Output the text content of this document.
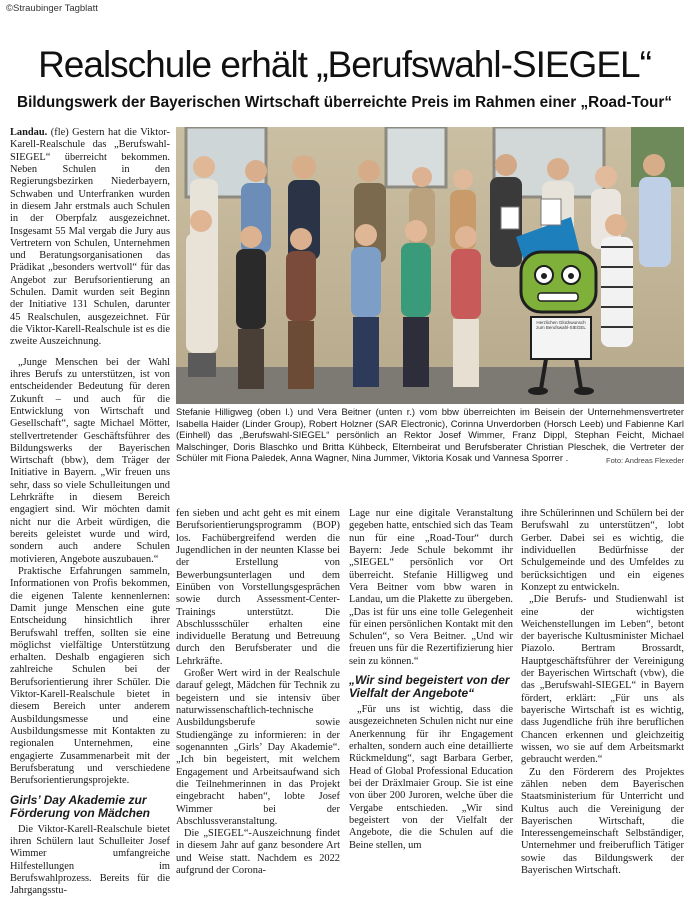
©Straubinger Tagblatt
Realschule erhält „Berufswahl-SIEGEL“
Bildungswerk der Bayerischen Wirtschaft überreichte Preis im Rahmen einer „Road-Tour“

Landau. (fle) Gestern hat die Viktor-Karell-Realschule das „Berufswahl-SIEGEL“ überreicht bekommen. Neben Schulen in den Regierungsbezirken Niederbayern, Schwaben und Unterfranken wurden in diesem Jahr erstmals auch Schulen in der Oberpfalz ausgezeichnet. Insgesamt 55 Mal vergab die Jury aus Vertretern von Schulen, Unternehmen und Beratungsorganisationen das Prädikat „besonders wertvoll“ für das Angebot zur Berufsorientierung an Schulen. Damit wurden seit Beginn der Initiative 131 Schulen, darunter 45 Realschulen, ausgezeichnet. Für die Viktor-Karell-Realschule ist es die zweite Auszeichnung.

„Junge Menschen bei der Wahl ihres Berufs zu unterstützen, ist von entscheidender Bedeutung für deren Zukunft – und auch für die Entwicklung von Wirtschaft und Gesellschaft“, sagte Michael Mötter, stellvertretender Geschäftsführer des Bildungswerks der Bayerischen Wirtschaft (bbw), dem Träger der Initiative in Bayern. „Wir freuen uns sehr, dass so viele Schulleitungen und Lehrkräfte in diesem Bereich engagiert sind. Wir möchten damit nicht nur die Arbeit würdigen, die bereits geleistet wurde und wird, sondern auch andere Schulen motivieren, Angebote auszubauen.“

Praktische Erfahrungen sammeln, Informationen von Profis bekommen, die eigenen Talente kennenlernen: Damit junge Menschen eine gute Entscheidung hinsichtlich ihrer Berufswahl treffen, sollten sie eine möglichst vielfältige Unterstützung erhalten. Deshalb engagieren sich zahlreiche Schulen bei der Berufsorientierung ihrer Schüler. Die Viktor-Karell-Realschule bietet in diesem Bereich unter anderem Ausbildungsmesse und eine Ausbildungsmesse mit Kontakten zu regionalen Unternehmen, eine engagierte Zusammenarbeit mit der Berufsberatung und verschiedene Berufsorientierungsprojekte.

Girls’ Day Akademie zur Förderung von Mädchen

Die Viktor-Karell-Realschule bietet ihren Schülern laut Schulleiter Josef Wimmer umfangreiche Hilfestellungen im Berufswahlprozess. Bereits für die Jahrgangsstu-

Herzlichen Glückwunsch zum Berufswahl-SIEGEL
Stefanie Hilligweg (oben l.) und Vera Beitner (unten r.) vom bbw überreichten im Beisein der Unternehmensvertreter Isabella Haider (Linder Group), Robert Holzner (SAR Electronic), Corinna Unverdorben (Horsch Leeb) und Fabienne Karl (Einhell) das „Berufswahl-SIEGEL“ persönlich an Rektor Josef Wimmer, Franz Dippl, Stephan Feicht, Michael Malschinger, Doris Blaschko und Britta Kühbeck, Elternbeirat und Berufsberater Christian Pleschek, die Vertreter der Schüler mit Fiona Paledek, Anna Wagner, Nina Jummer, Viktoria Kosak und Vannesa Sporrer .	Foto: Andreas Flexeder

fen sieben und acht geht es mit einem Berufsorientierungsprogramm (BOP) los. Fachübergreifend werden die Jugendlichen in der neunten Klasse bei der Erstellung von Bewerbungsunterlagen und dem Einüben von Vorstellungsgesprächen sowie durch Assessment-Center-Trainings unterstützt. Die Abschlussschüler erhalten eine individuelle Beratung und Betreuung durch den Berufsberater und die Lehrkräfte.

Großer Wert wird in der Realschule darauf gelegt, Mädchen für Technik zu begeistern und sie intensiv über naturwissenschaftlich-technische Ausbildungsberufe sowie Studiengänge zu informieren: in der sogenannten „Girls’ Day Akademie“. „Ich bin begeistert, mit welchem Engagement und Arbeitsaufwand sich die Teilnehmerinnen in das Projekt eingebracht haben“, lobte Josef Wimmer bei der Abschlussveranstaltung.

Die „SIEGEL“-Auszeichnung findet in diesem Jahr auf ganz besondere Art und Weise statt. Nachdem es 2022 aufgrund der Corona-

Lage nur eine digitale Veranstaltung gegeben hatte, entschied sich das Team nun für eine „Road-Tour“ durch Bayern: Jede Schule bekommt ihr „SIEGEL“ persönlich vor Ort überreicht. Stefanie Hilligweg und Vera Beitner vom bbw waren in Landau, um die Plakette zu übergeben. „Das ist für uns eine tolle Gelegenheit für einen persönlichen Kontakt mit den Schulen“, so Vera Beitner. „Und wir freuen uns für die Rezertifizierung hier sein zu können.“

„Wir sind begeistert von der Vielfalt der Angebote“

„Für uns ist wichtig, dass die ausgezeichneten Schulen nicht nur eine Anerkennung für ihr Engagement erhalten, sondern auch eine detaillierte Rückmeldung“, sagt Barbara Gerber, Head of Global Professional Education bei der Dräxlmaier Group. Sie ist eine von über 200 Juroren, welche über die Vergabe entschieden. „Wir sind begeistert von der Vielfalt der Angebote, die die Schulen auf die Beine stellen, um

ihre Schülerinnen und Schülern bei der Berufswahl zu unterstützen“, lobt Gerber. Dabei sei es wichtig, die individuellen Bedürfnisse der Schulgemeinde und des Umfeldes zu berücksichtigen und ein eigenes Konzept zu entwickeln.

„Die Berufs- und Studienwahl ist eine der wichtigsten Weichenstellungen im Leben“, betont der bayerische Kultusminister Michael Piazolo. Bertram Brossardt, Hauptgeschäftsführer der Vereinigung der Bayerischen Wirtschaft (vbw), die das „Berufswahl-SIEGEL“ in Bayern fördert, erklärt: „Für uns als bayerische Wirtschaft ist es wichtig, dass Jugendliche früh ihre beruflichen Chancen erkennen und gleichzeitig wissen, wo sie auf dem Arbeitsmarkt gebraucht werden.“

Zu den Förderern des Projektes zählen neben dem Bayerischen Staatsministerium für Unterricht und Kultus auch die Vereinigung der Bayerischen Wirtschaft, die Interessengemeinschaft Selbständiger, Unternehmer und freiberuflich Tätiger sowie das Bildungswerk der Bayerischen Wirtschaft.
